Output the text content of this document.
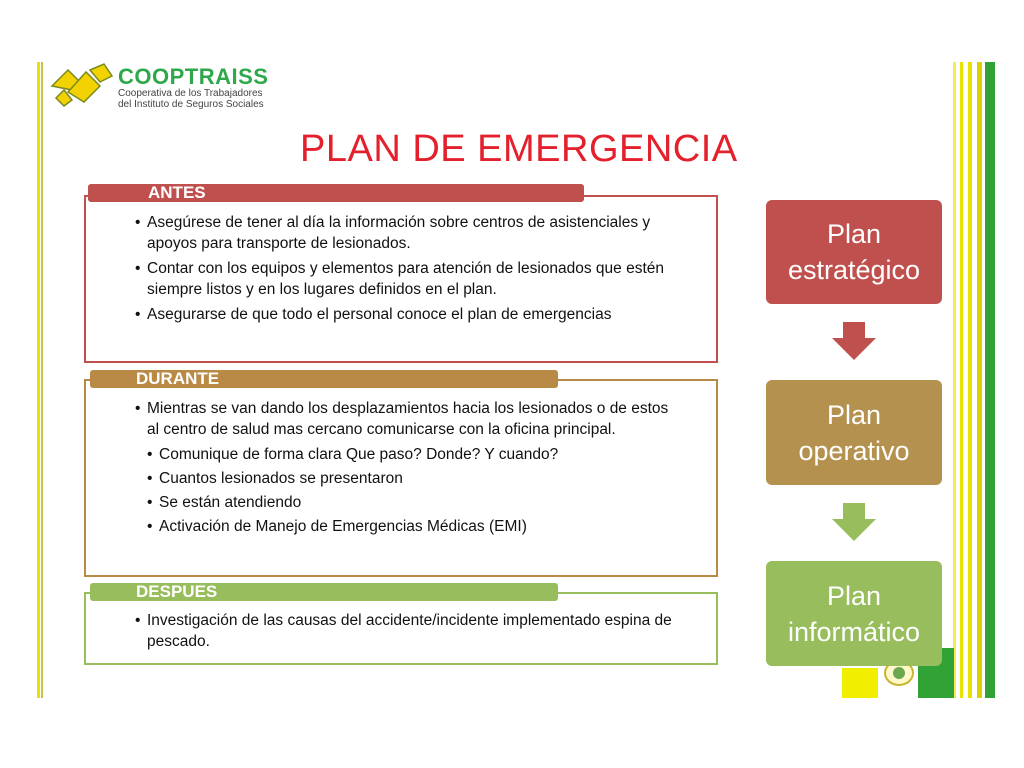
COOPTRAISS
Cooperativa de los Trabajadores
del Instituto de Seguros Sociales
PLAN DE EMERGENCIA
ANTES
• Asegúrese de tener al día la información sobre centros de asistenciales y apoyos para transporte de lesionados.
• Contar con los equipos y elementos para atención de lesionados que estén siempre listos y en los lugares definidos en el plan.
• Asegurarse de que todo el personal conoce el plan de emergencias
DURANTE
• Mientras se van dando los desplazamientos hacia los lesionados o de estos al centro de salud mas cercano comunicarse con la oficina principal.
• Comunique de forma clara Que paso? Donde? Y cuando?
• Cuantos lesionados se presentaron
• Se están atendiendo
• Activación de Manejo de Emergencias Médicas (EMI)
DESPUES
• Investigación de las causas del accidente/incidente implementado espina de pescado.
Plan estratégico
Plan operativo
Plan informático
